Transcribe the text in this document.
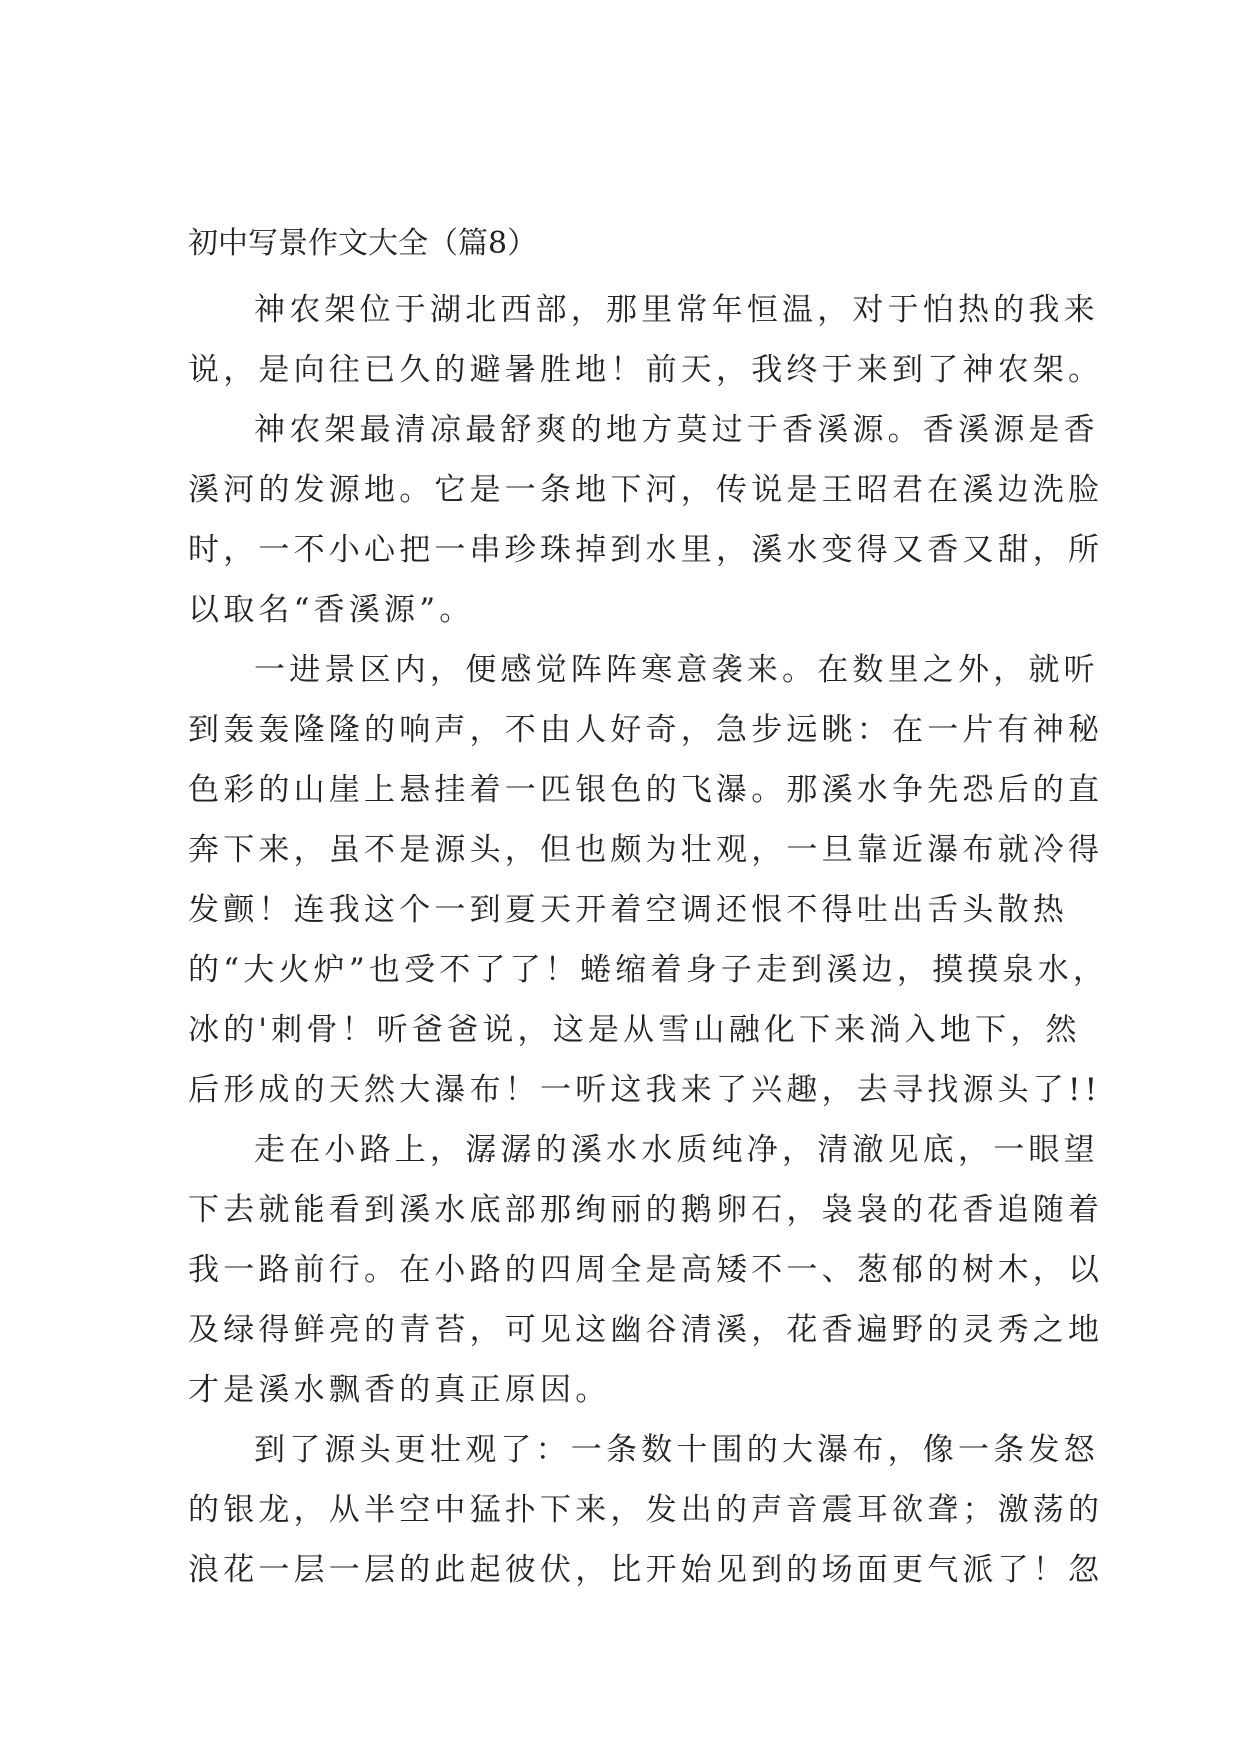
初中写景作文大全（篇8）

神农架位于湖北西部，那里常年恒温，对于怕热的我来
说，是向往已久的避暑胜地！前天，我终于来到了神农架。

神农架最清凉最舒爽的地方莫过于香溪源。香溪源是香
溪河的发源地。它是一条地下河，传说是王昭君在溪边洗脸
时，一不小心把一串珍珠掉到水里，溪水变得又香又甜，所
以取名“香溪源”。

一进景区内，便感觉阵阵寒意袭来。在数里之外，就听
到轰轰隆隆的响声，不由人好奇，急步远眺：在一片有神秘
色彩的山崖上悬挂着一匹银色的飞瀑。那溪水争先恐后的直
奔下来，虽不是源头，但也颇为壮观，一旦靠近瀑布就冷得
发颤！连我这个一到夏天开着空调还恨不得吐出舌头散热
的“大火炉”也受不了了！蜷缩着身子走到溪边，摸摸泉水，
冰的'刺骨！听爸爸说，这是从雪山融化下来淌入地下，然
后形成的天然大瀑布！一听这我来了兴趣，去寻找源头了!!

走在小路上，潺潺的溪水水质纯净，清澈见底，一眼望
下去就能看到溪水底部那绚丽的鹅卵石，袅袅的花香追随着
我一路前行。在小路的四周全是高矮不一、葱郁的树木，以
及绿得鲜亮的青苔，可见这幽谷清溪，花香遍野的灵秀之地
才是溪水飘香的真正原因。

到了源头更壮观了：一条数十围的大瀑布，像一条发怒
的银龙，从半空中猛扑下来，发出的声音震耳欲聋；激荡的
浪花一层一层的此起彼伏，比开始见到的场面更气派了！忽
